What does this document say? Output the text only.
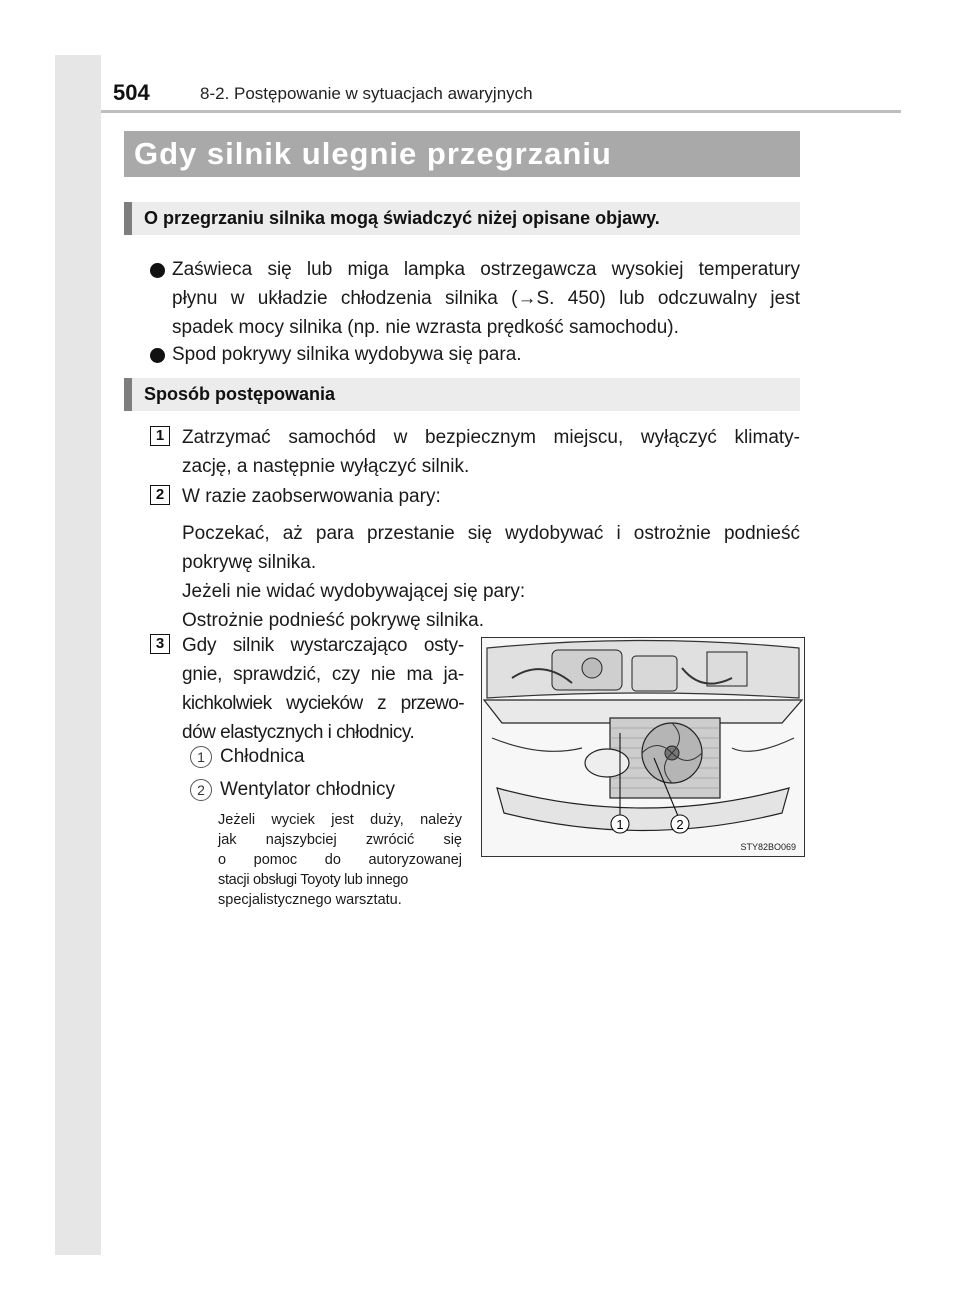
504	8-2. Postępowanie w sytuacjach awaryjnych
Gdy silnik ulegnie przegrzaniu
O przegrzaniu silnika mogą świadczyć niżej opisane objawy.
Zaświeca się lub miga lampka ostrzegawcza wysokiej temperatury
płynu w układzie chłodzenia silnika (→S. 450) lub odczuwalny jest
spadek mocy silnika (np. nie wzrasta prędkość samochodu).
Spod pokrywy silnika wydobywa się para.
Sposób postępowania
1 Zatrzymać samochód w bezpiecznym miejscu, wyłączyć klimaty-
zację, a następnie wyłączyć silnik.
2 W razie zaobserwowania pary:
Poczekać, aż para przestanie się wydobywać i ostrożnie podnieść
pokrywę silnika.
Jeżeli nie widać wydobywającej się pary:
Ostrożnie podnieść pokrywę silnika.
3 Gdy silnik wystarczająco osty-
gnie, sprawdzić, czy nie ma ja-
kichkolwiek wycieków z przewo-
dów elastycznych i chłodnicy.
1 Chłodnica
2 Wentylator chłodnicy
Jeżeli wyciek jest duży, należy
jak najszybciej zwrócić się
o pomoc do autoryzowanej
stacji obsługi Toyoty lub innego
specjalistycznego warsztatu.
1	2
STY82BO069
